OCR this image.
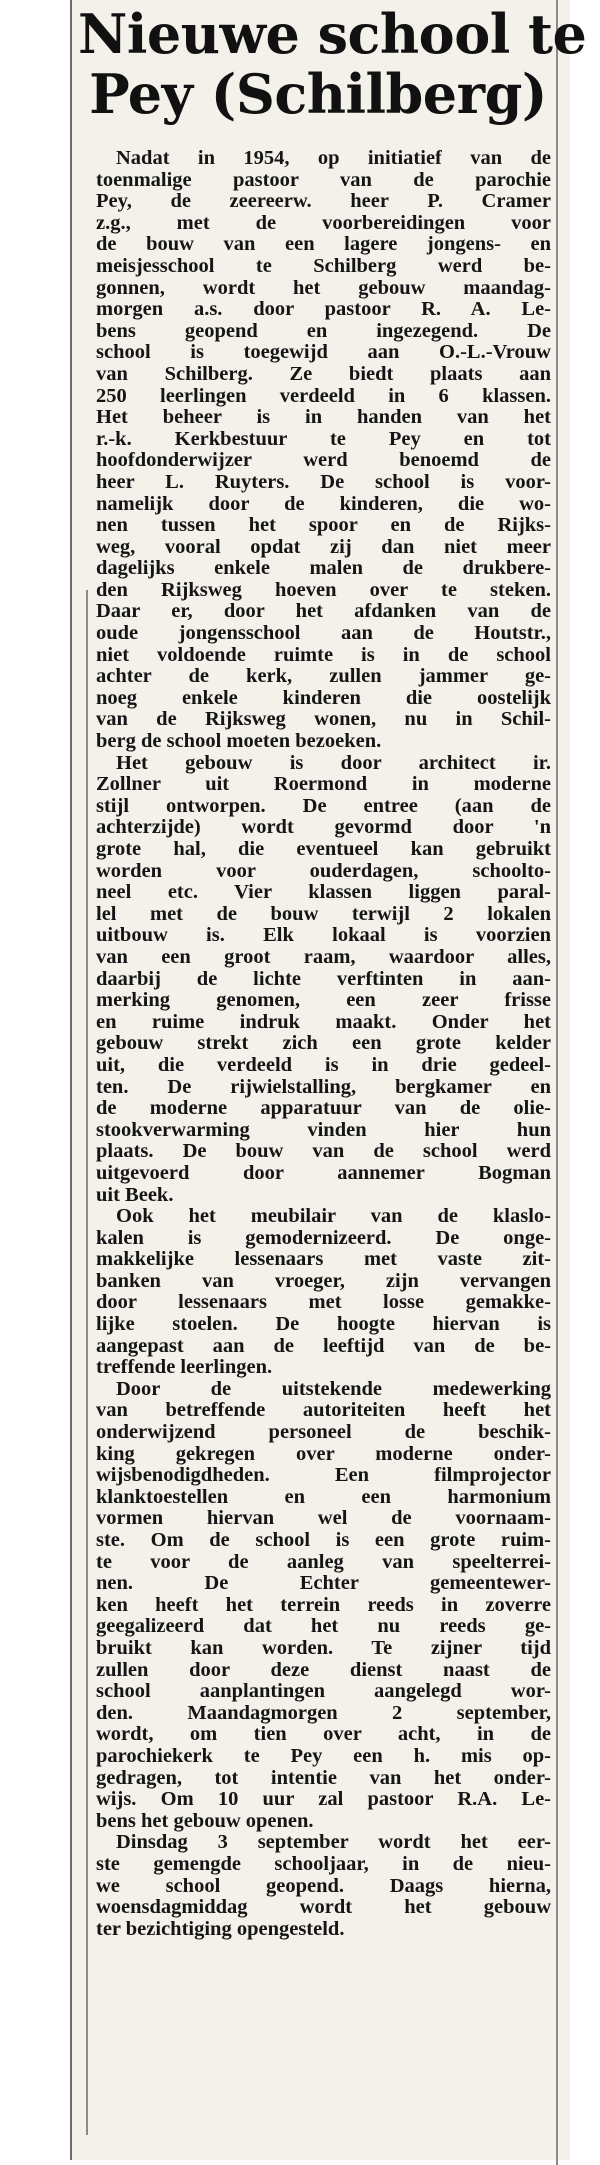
Nieuwe school te
Pey (Schilberg)
Nadat in 1954, op initiatief van de
toenmalige pastoor van de parochie
Pey, de zeereerw. heer P. Cramer
z.g., met de voorbereidingen voor
de bouw van een lagere jongens- en
meisjesschool te Schilberg werd be-
gonnen, wordt het gebouw maandag-
morgen a.s. door pastoor R. A. Le-
bens geopend en ingezegend. De
school is toegewijd aan O.-L.-Vrouw
van Schilberg. Ze biedt plaats aan
250 leerlingen verdeeld in 6 klassen.
Het beheer is in handen van het
r.-k. Kerkbestuur te Pey en tot
hoofdonderwijzer werd benoemd de
heer L. Ruyters. De school is voor-
namelijk door de kinderen, die wo-
nen tussen het spoor en de Rijks-
weg, vooral opdat zij dan niet meer
dagelijks enkele malen de drukbere-
den Rijksweg hoeven over te steken.
Daar er, door het afdanken van de
oude jongensschool aan de Houtstr.,
niet voldoende ruimte is in de school
achter de kerk, zullen jammer ge-
noeg enkele kinderen die oostelijk
van de Rijksweg wonen, nu in Schil-
berg de school moeten bezoeken.
Het gebouw is door architect ir.
Zollner uit Roermond in moderne
stijl ontworpen. De entree (aan de
achterzijde) wordt gevormd door 'n
grote hal, die eventueel kan gebruikt
worden voor ouderdagen, schoolto-
neel etc. Vier klassen liggen paral-
lel met de bouw terwijl 2 lokalen
uitbouw is. Elk lokaal is voorzien
van een groot raam, waardoor alles,
daarbij de lichte verftinten in aan-
merking genomen, een zeer frisse
en ruime indruk maakt. Onder het
gebouw strekt zich een grote kelder
uit, die verdeeld is in drie gedeel-
ten. De rijwielstalling, bergkamer en
de moderne apparatuur van de olie-
stookverwarming vinden hier hun
plaats. De bouw van de school werd
uitgevoerd door aannemer Bogman
uit Beek.
Ook het meubilair van de klaslo-
kalen is gemodernizeerd. De onge-
makkelijke lessenaars met vaste zit-
banken van vroeger, zijn vervangen
door lessenaars met losse gemakke-
lijke stoelen. De hoogte hiervan is
aangepast aan de leeftijd van de be-
treffende leerlingen.
Door de uitstekende medewerking
van betreffende autoriteiten heeft het
onderwijzend personeel de beschik-
king gekregen over moderne onder-
wijsbenodigdheden. Een filmprojector
klanktoestellen en een harmonium
vormen hiervan wel de voornaam-
ste. Om de school is een grote ruim-
te voor de aanleg van speelterrei-
nen. De Echter gemeentewer-
ken heeft het terrein reeds in zoverre
geegalizeerd dat het nu reeds ge-
bruikt kan worden. Te zijner tijd
zullen door deze dienst naast de
school aanplantingen aangelegd wor-
den. Maandagmorgen 2 september,
wordt, om tien over acht, in de
parochiekerk te Pey een h. mis op-
gedragen, tot intentie van het onder-
wijs. Om 10 uur zal pastoor R.A. Le-
bens het gebouw openen.
Dinsdag 3 september wordt het eer-
ste gemengde schooljaar, in de nieu-
we school geopend. Daags hierna,
woensdagmiddag wordt het gebouw
ter bezichtiging opengesteld.
